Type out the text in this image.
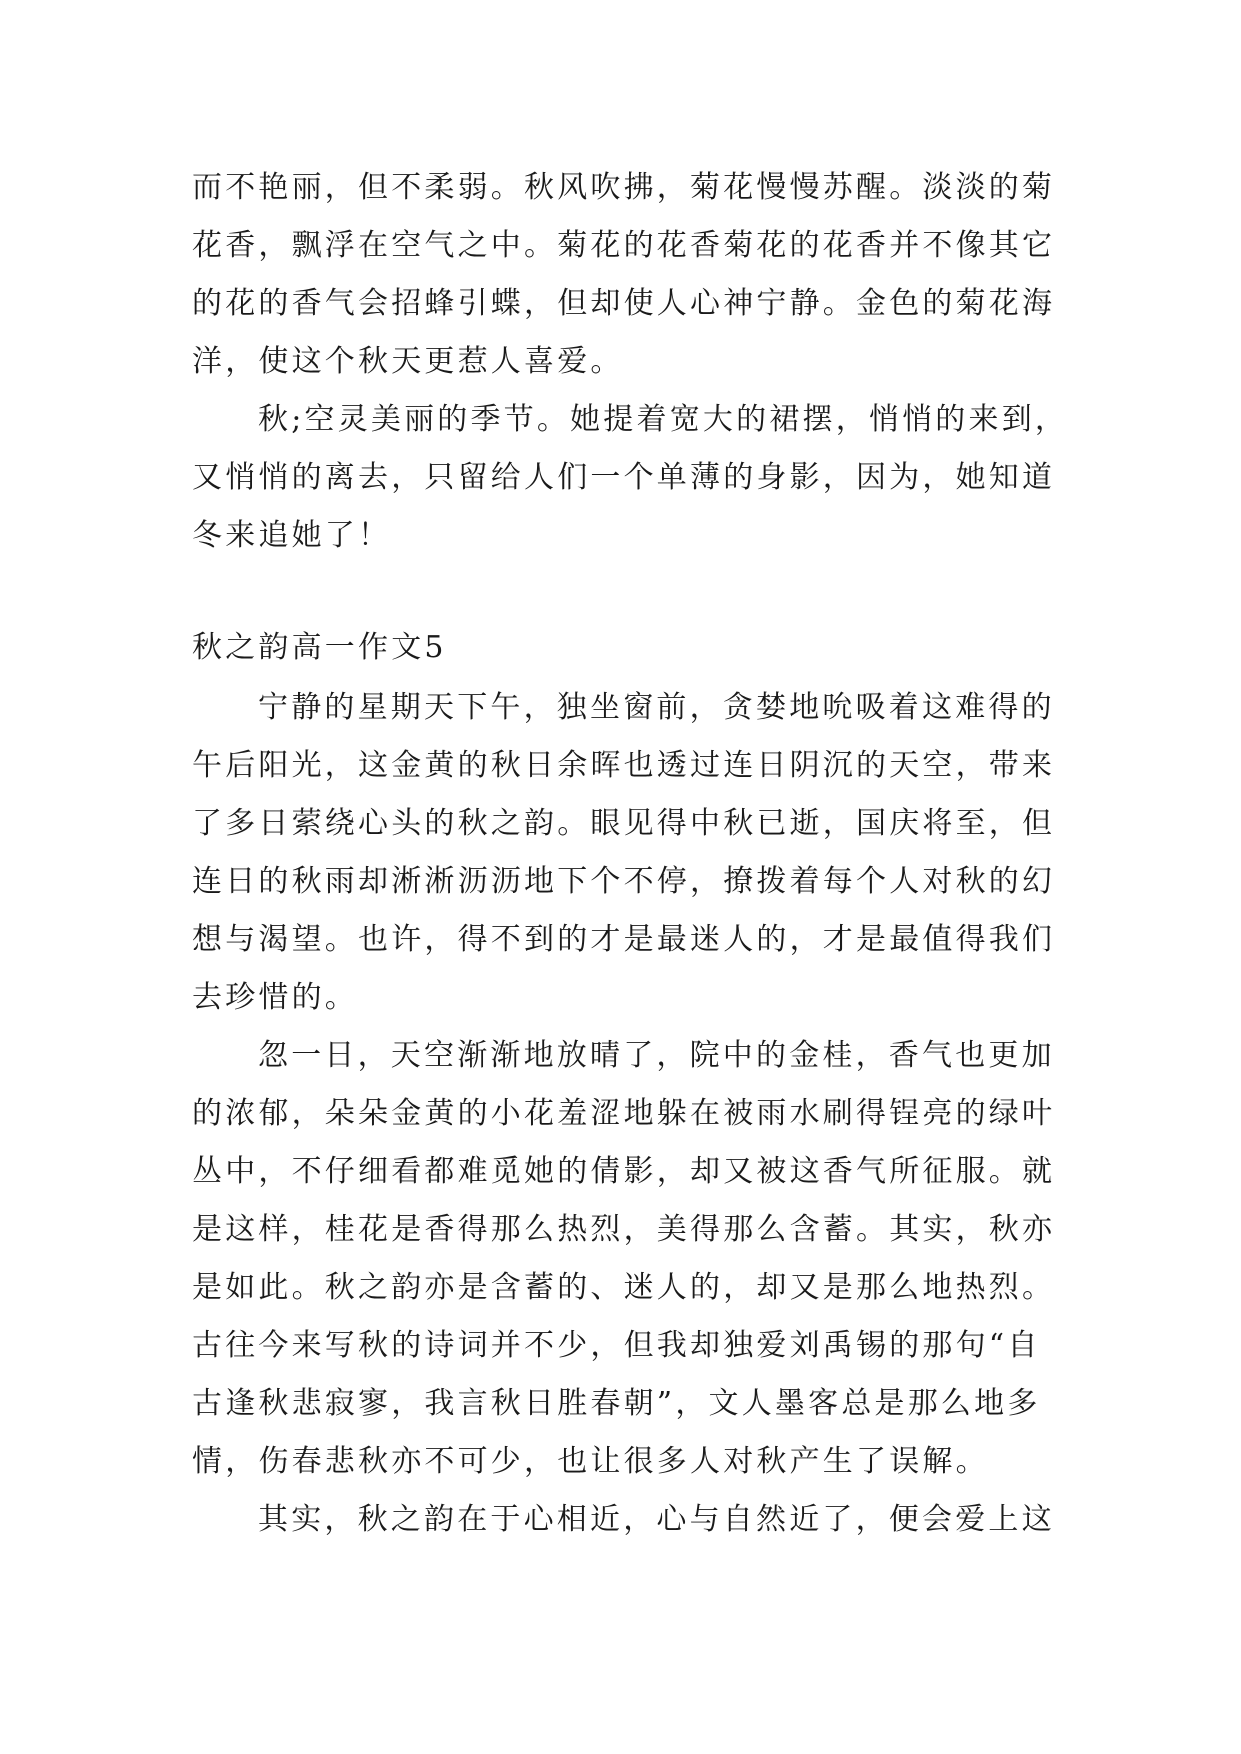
而不艳丽，但不柔弱。秋风吹拂，菊花慢慢苏醒。淡淡的菊

花香，飘浮在空气之中。菊花的花香菊花的花香并不像其它

的花的香气会招蜂引蝶，但却使人心神宁静。金色的菊花海

洋，使这个秋天更惹人喜爱。

秋;空灵美丽的季节。她提着宽大的裙摆，悄悄的来到，

又悄悄的离去，只留给人们一个单薄的身影，因为，她知道

冬来追她了！

秋之韵高一作文5

宁静的星期天下午，独坐窗前，贪婪地吮吸着这难得的

午后阳光，这金黄的秋日余晖也透过连日阴沉的天空，带来

了多日萦绕心头的秋之韵。眼见得中秋已逝，国庆将至，但

连日的秋雨却淅淅沥沥地下个不停，撩拨着每个人对秋的幻

想与渴望。也许，得不到的才是最迷人的，才是最值得我们

去珍惜的。

忽一日，天空渐渐地放晴了，院中的金桂，香气也更加

的浓郁，朵朵金黄的小花羞涩地躲在被雨水刷得锃亮的绿叶

丛中，不仔细看都难觅她的倩影，却又被这香气所征服。就

是这样，桂花是香得那么热烈，美得那么含蓄。其实，秋亦

是如此。秋之韵亦是含蓄的、迷人的，却又是那么地热烈。

古往今来写秋的诗词并不少，但我却独爱刘禹锡的那句“自

古逢秋悲寂寥，我言秋日胜春朝”，文人墨客总是那么地多

情，伤春悲秋亦不可少，也让很多人对秋产生了误解。

其实，秋之韵在于心相近，心与自然近了，便会爱上这
